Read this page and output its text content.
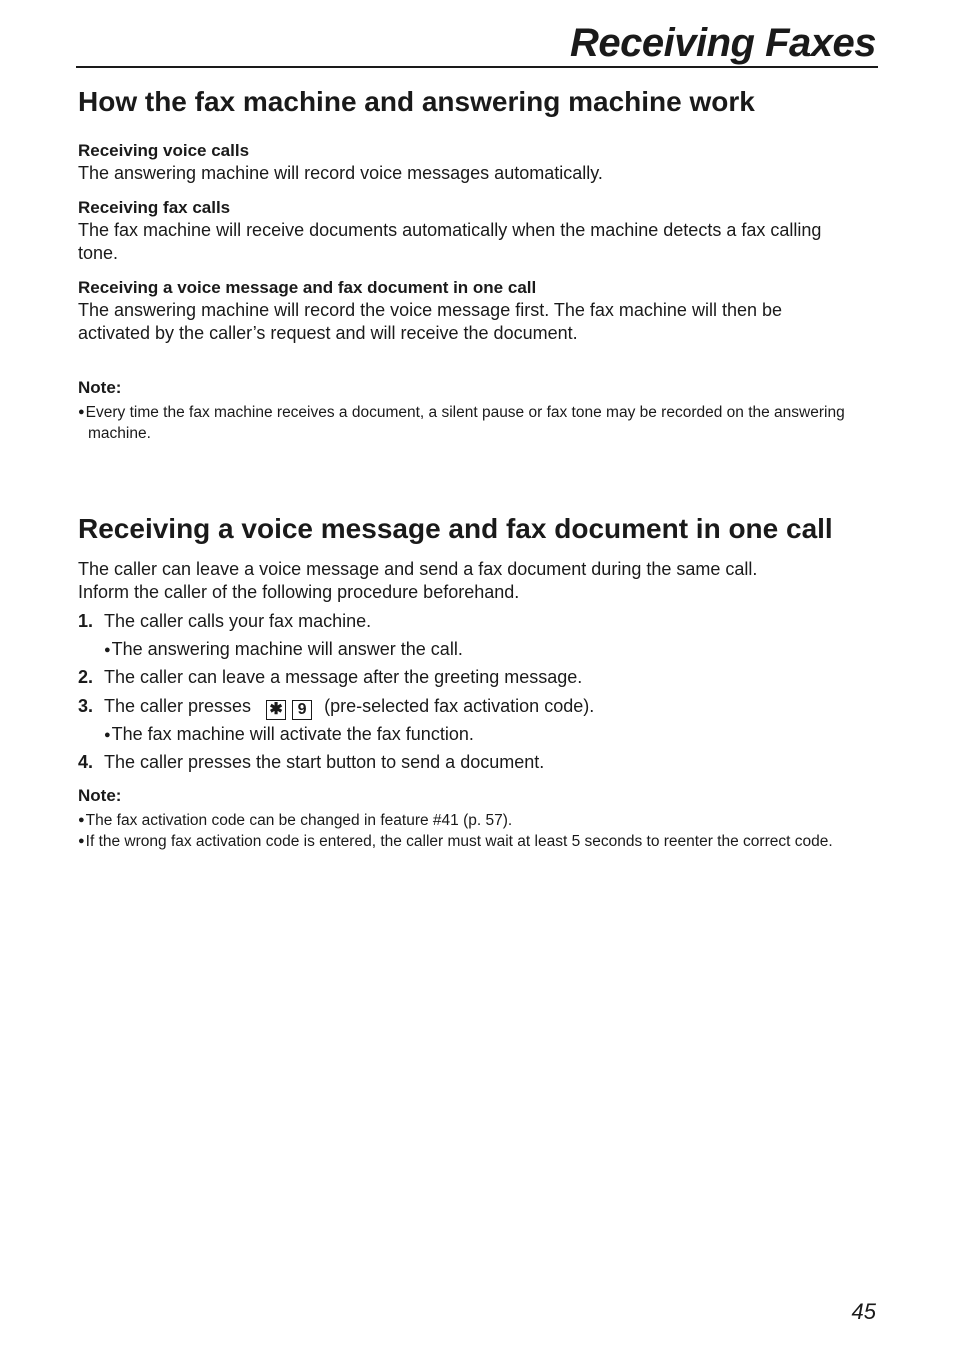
Receiving Faxes
How the fax machine and answering machine work
Receiving voice calls
The answering machine will record voice messages automatically.
Receiving fax calls
The fax machine will receive documents automatically when the machine detects a fax calling tone.
Receiving a voice message and fax document in one call
The answering machine will record the voice message first. The fax machine will then be activated by the caller’s request and will receive the document.
Note:
●Every time the fax machine receives a document, a silent pause or fax tone may be recorded on the answering machine.
Receiving a voice message and fax document in one call
The caller can leave a voice message and send a fax document during the same call.
Inform the caller of the following procedure beforehand.
1. The caller calls your fax machine.
●The answering machine will answer the call.
2. The caller can leave a message after the greeting message.
3. The caller presses ✱ 9 (pre-selected fax activation code).
●The fax machine will activate the fax function.
4. The caller presses the start button to send a document.
Note:
●The fax activation code can be changed in feature #41 (p. 57).
●If the wrong fax activation code is entered, the caller must wait at least 5 seconds to reenter the correct code.
45
